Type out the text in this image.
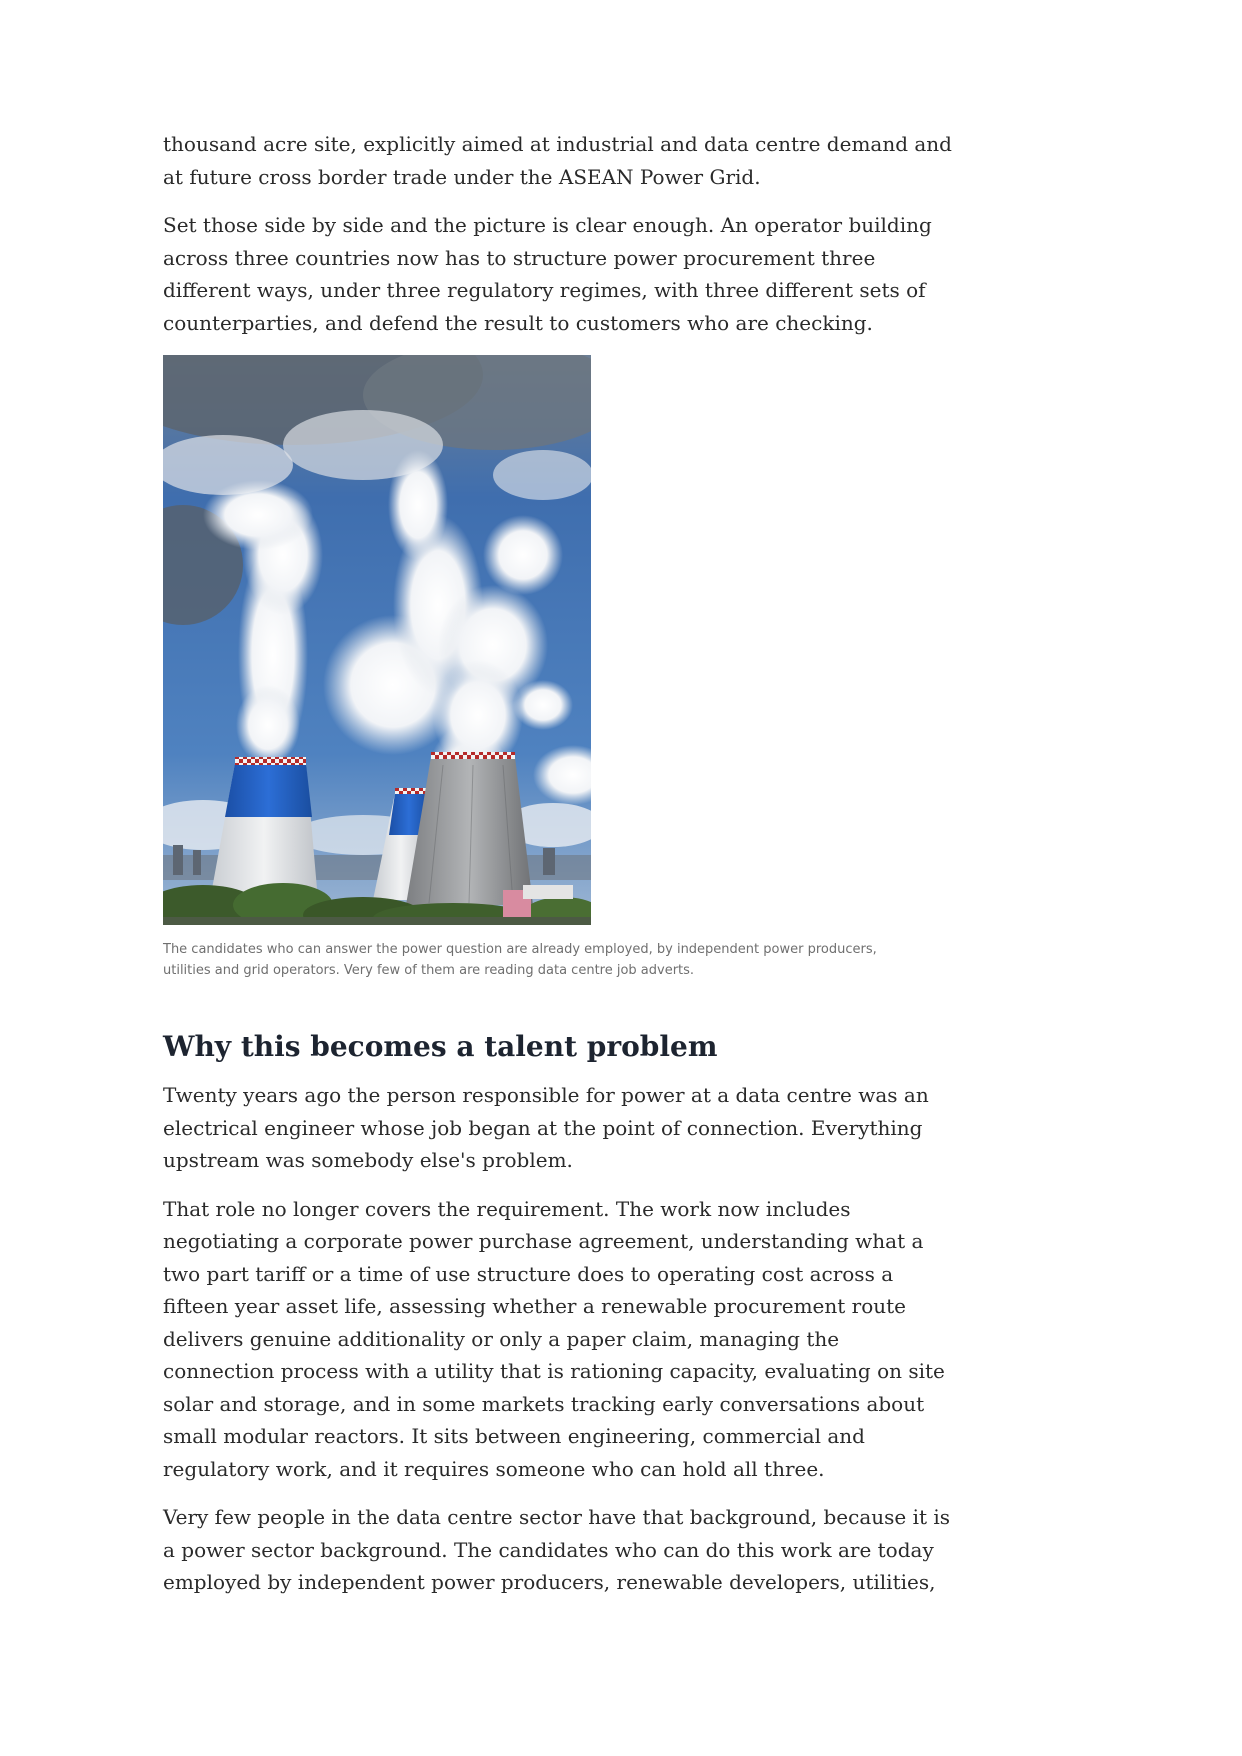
thousand acre site, explicitly aimed at industrial and data centre demand and at future cross border trade under the ASEAN Power Grid.

Set those side by side and the picture is clear enough. An operator building across three countries now has to structure power procurement three different ways, under three regulatory regimes, with three different sets of counterparties, and defend the result to customers who are checking.

The candidates who can answer the power question are already employed, by independent power producers, utilities and grid operators. Very few of them are reading data centre job adverts.

Why this becomes a talent problem

Twenty years ago the person responsible for power at a data centre was an electrical engineer whose job began at the point of connection. Everything upstream was somebody else's problem.

That role no longer covers the requirement. The work now includes negotiating a corporate power purchase agreement, understanding what a two part tariff or a time of use structure does to operating cost across a fifteen year asset life, assessing whether a renewable procurement route delivers genuine additionality or only a paper claim, managing the connection process with a utility that is rationing capacity, evaluating on site solar and storage, and in some markets tracking early conversations about small modular reactors. It sits between engineering, commercial and regulatory work, and it requires someone who can hold all three.

Very few people in the data centre sector have that background, because it is a power sector background. The candidates who can do this work are today employed by independent power producers, renewable developers, utilities,
